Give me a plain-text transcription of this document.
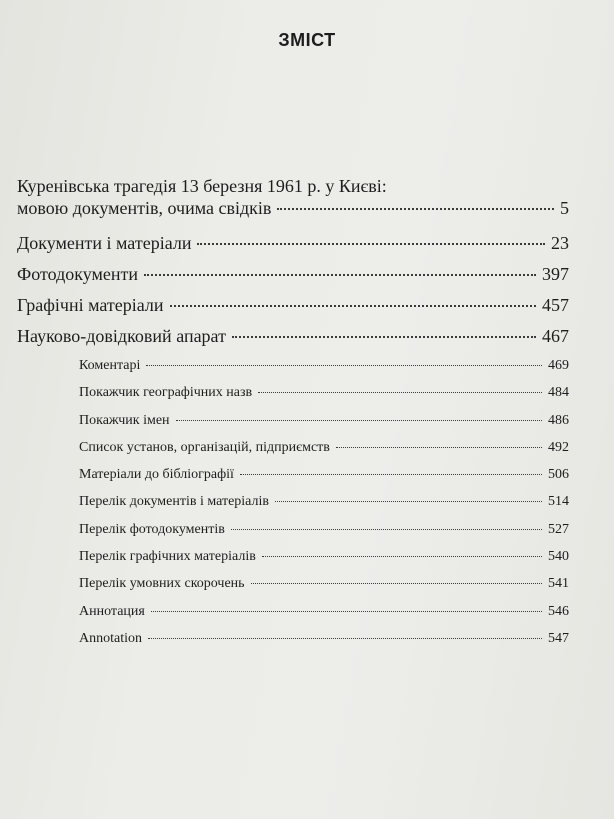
ЗМІСТ
Куренівська трагедія 13 березня 1961 р. у Києві:
мовою документів, очима свідків	5
Документи і матеріали	23
Фотодокументи	397
Графічні матеріали	457
Науково-довідковий апарат	467
Коментарі	469
Покажчик географічних назв	484
Покажчик імен	486
Список установ, організацій, підприємств	492
Матеріали до бібліографії	506
Перелік документів і матеріалів	514
Перелік фотодокументів	527
Перелік графічних матеріалів	540
Перелік умовних скорочень	541
Аннотация	546
Annotation	547
